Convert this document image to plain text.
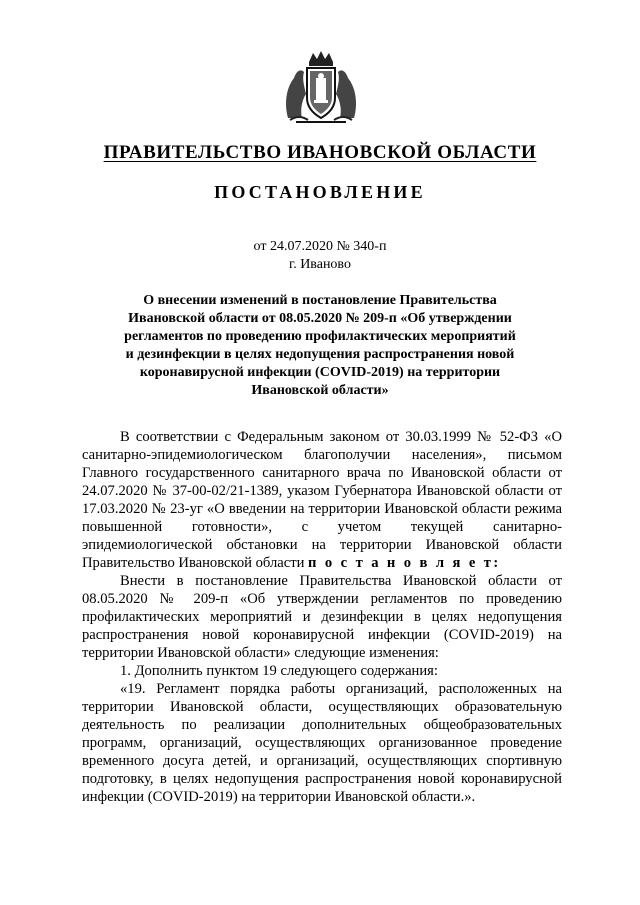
ПРАВИТЕЛЬСТВО ИВАНОВСКОЙ ОБЛАСТИ
ПОСТАНОВЛЕНИЕ
от 24.07.2020 № 340-п
г. Иваново
О внесении изменений в постановление Правительства
Ивановской области от 08.05.2020 № 209-п «Об утверждении
регламентов по проведению профилактических мероприятий
и дезинфекции в целях недопущения распространения новой
коронавирусной инфекции (COVID-2019) на территории
Ивановской области»

В соответствии с Федеральным законом от 30.03.1999 № 52-ФЗ «О санитарно-эпидемиологическом благополучии населения», письмом Главного государственного санитарного врача по Ивановской области от 24.07.2020 № 37-00-02/21-1389, указом Губернатора Ивановской области от 17.03.2020 № 23-уг «О введении на территории Ивановской области режима повышенной готовности», с учетом текущей санитарно-эпидемиологической обстановки на территории Ивановской области Правительство Ивановской области п о с т а н о в л я е т:

Внести в постановление Правительства Ивановской области от 08.05.2020 № 209-п «Об утверждении регламентов по проведению профилактических мероприятий и дезинфекции в целях недопущения распространения новой коронавирусной инфекции (COVID-2019) на территории Ивановской области» следующие изменения:

1. Дополнить пунктом 19 следующего содержания:

«19. Регламент порядка работы организаций, расположенных на территории Ивановской области, осуществляющих образовательную деятельность по реализации дополнительных общеобразовательных программ, организаций, осуществляющих организованное проведение временного досуга детей, и организаций, осуществляющих спортивную подготовку, в целях недопущения распространения новой коронавирусной инфекции (COVID-2019) на территории Ивановской области.».
